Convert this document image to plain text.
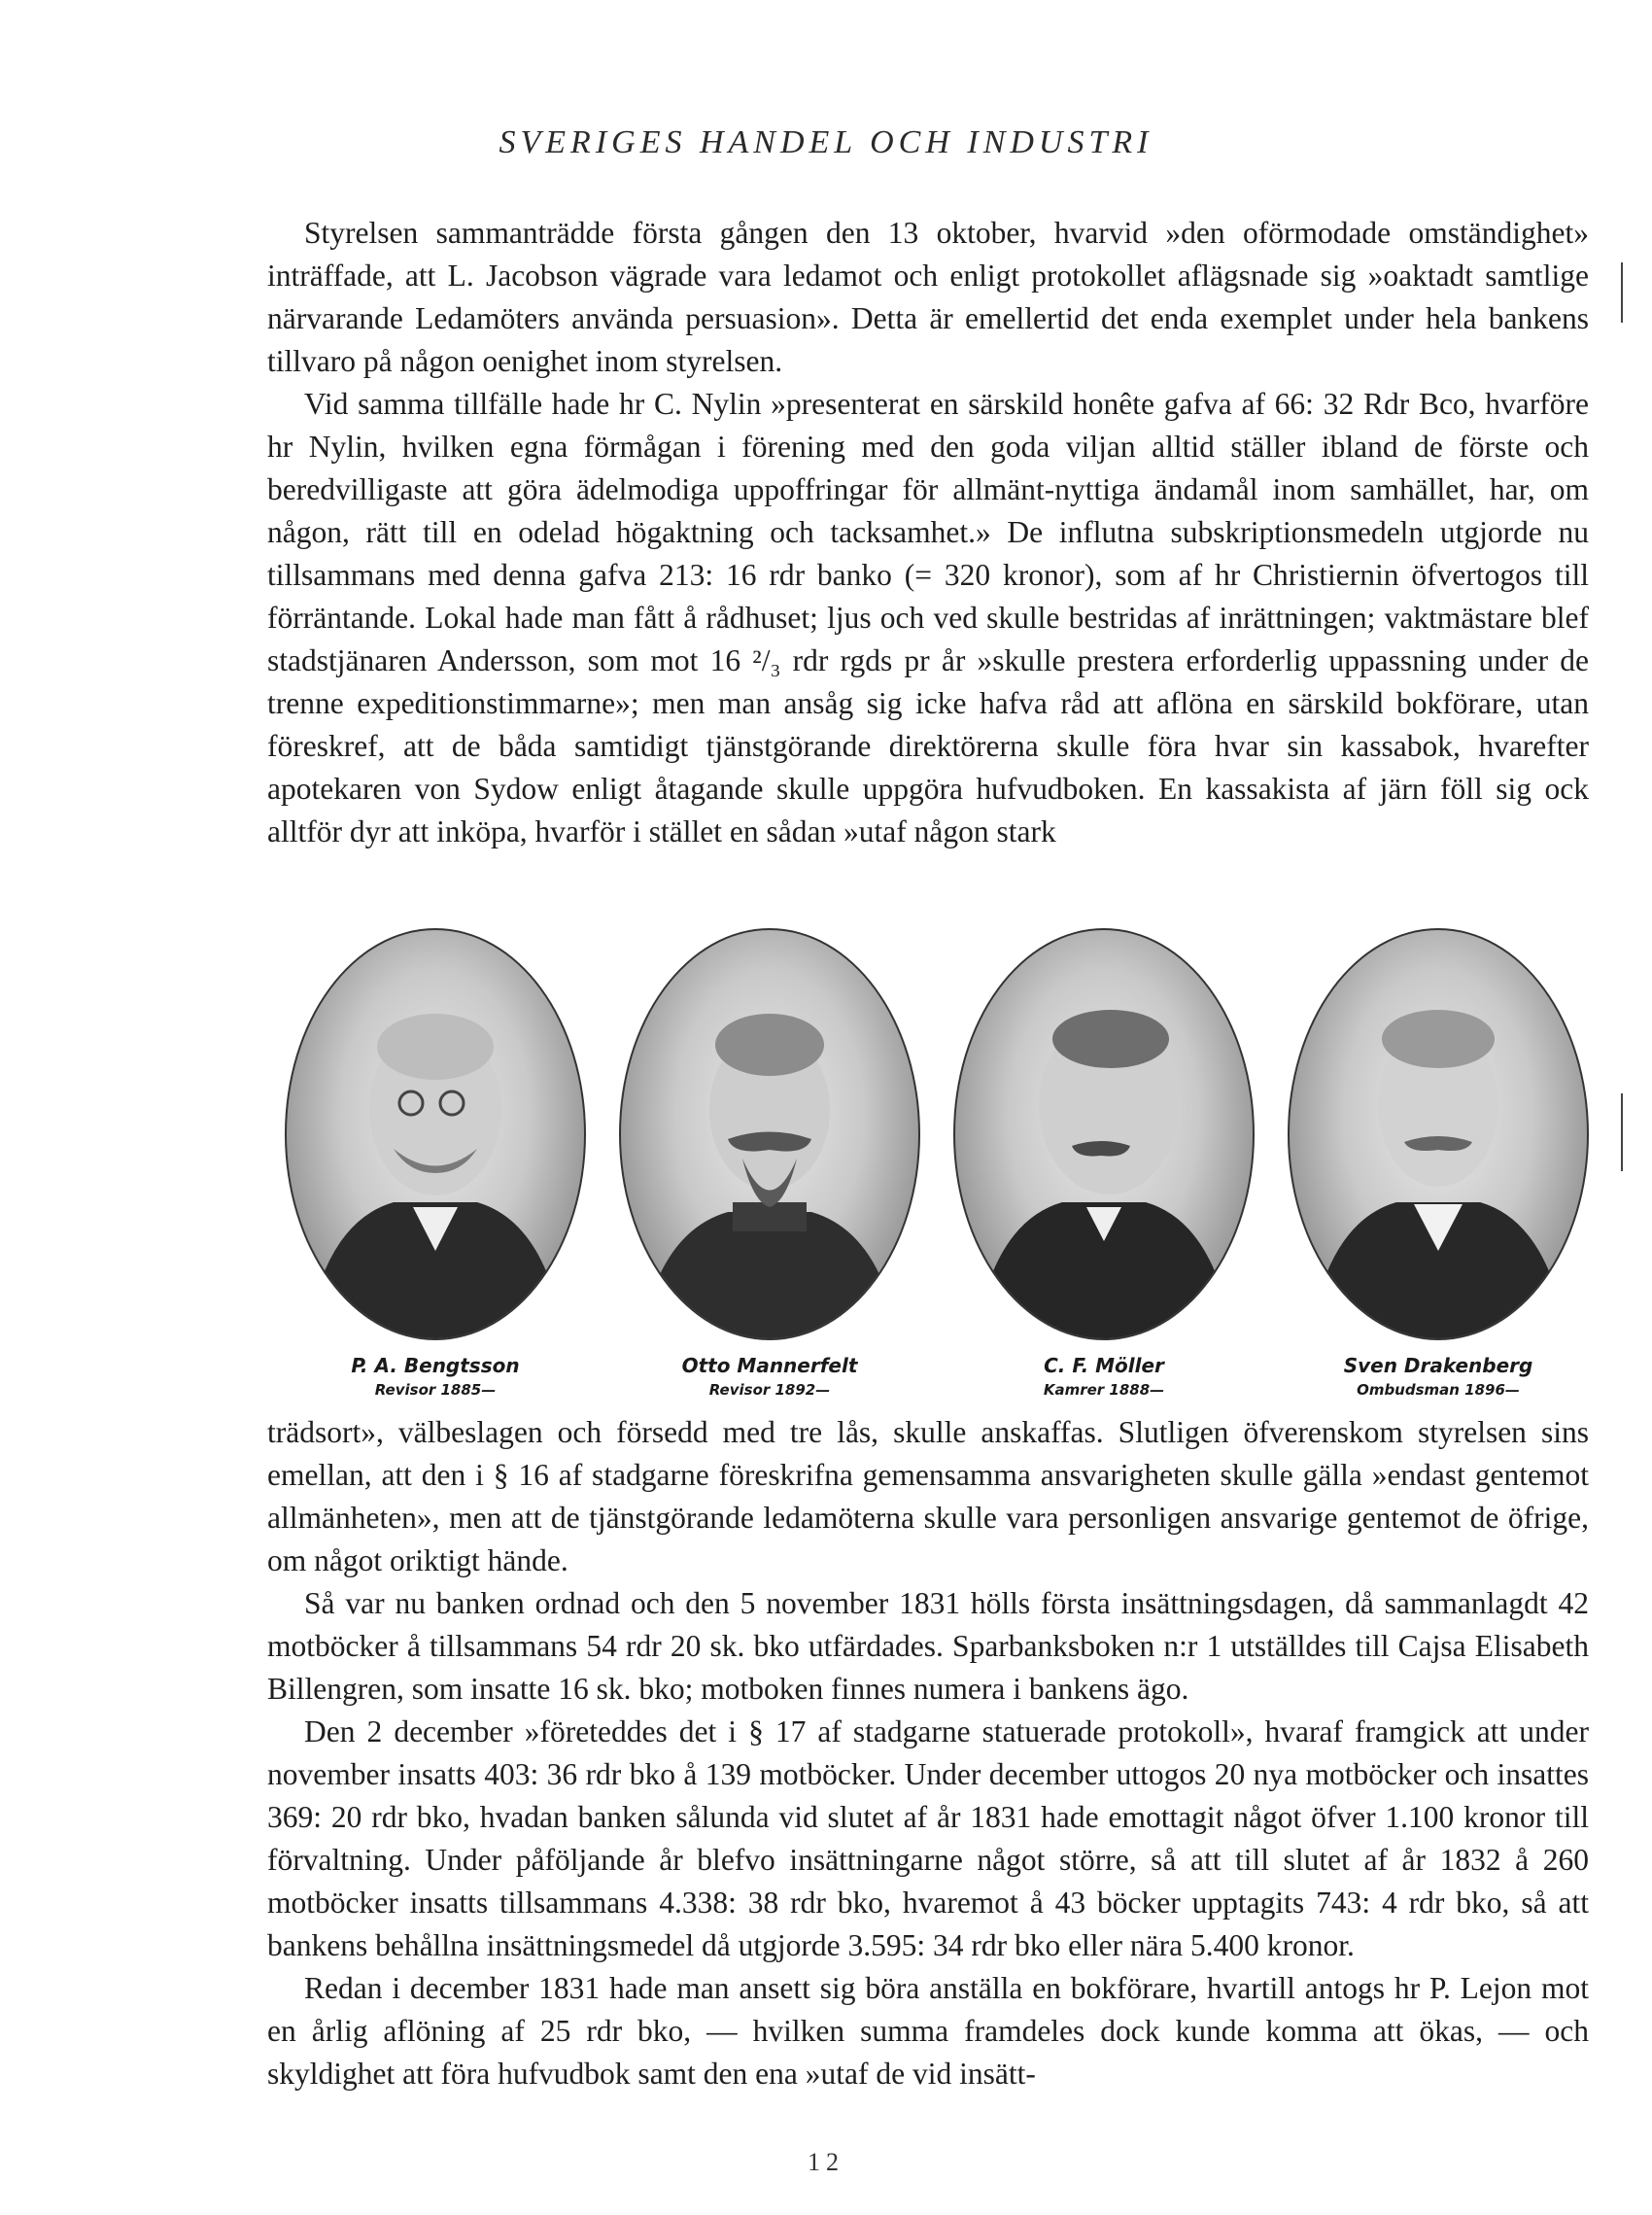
SVERIGES HANDEL OCH INDUSTRI

Styrelsen sammanträdde första gången den 13 oktober, hvarvid »den oförmodade omständighet» inträffade, att L. Jacobson vägrade vara ledamot och enligt protokollet aflägsnade sig »oaktadt samtlige närvarande Ledamöters använda persuasion». Detta är emellertid det enda exemplet under hela bankens tillvaro på någon oenighet inom styrelsen.

Vid samma tillfälle hade hr C. Nylin »presenterat en särskild honête gafva af 66: 32 Rdr Bco, hvarföre hr Nylin, hvilken egna förmågan i förening med den goda viljan alltid ställer ibland de förste och beredvilligaste att göra ädelmodiga uppoffringar för allmänt-nyttiga ändamål inom samhället, har, om någon, rätt till en odelad högaktning och tacksamhet.» De influtna subskriptionsmedeln utgjorde nu tillsammans med denna gafva 213: 16 rdr banko (= 320 kronor), som af hr Christiernin öfvertogos till förräntande. Lokal hade man fått å rådhuset; ljus och ved skulle bestridas af inrättningen; vaktmästare blef stadstjänaren Andersson, som mot 16 ²/₃ rdr rgds pr år »skulle prestera erforderlig uppassning under de trenne expeditionstimmarne»; men man ansåg sig icke hafva råd att aflöna en särskild bokförare, utan föreskref, att de båda samtidigt tjänstgörande direktörerna skulle föra hvar sin kassabok, hvarefter apotekaren von Sydow enligt åtagande skulle uppgöra hufvudboken. En kassakista af järn föll sig ock alltför dyr att inköpa, hvarför i stället en sådan »utaf någon stark

P. A. Bengtsson
Revisor 1885—
Otto Mannerfelt
Revisor 1892—
C. F. Möller
Kamrer 1888—
Sven Drakenberg
Ombudsman 1896—

trädsort», välbeslagen och försedd med tre lås, skulle anskaffas. Slutligen öfverenskom styrelsen sins emellan, att den i § 16 af stadgarne föreskrifna gemensamma ansvarigheten skulle gälla »endast gentemot allmänheten», men att de tjänstgörande ledamöterna skulle vara personligen ansvarige gentemot de öfrige, om något oriktigt hände.

Så var nu banken ordnad och den 5 november 1831 hölls första insättningsdagen, då sammanlagdt 42 motböcker å tillsammans 54 rdr 20 sk. bko utfärdades. Sparbanksboken n:r 1 utställdes till Cajsa Elisabeth Billengren, som insatte 16 sk. bko; motboken finnes numera i bankens ägo.

Den 2 december »företeddes det i § 17 af stadgarne statuerade protokoll», hvaraf framgick att under november insatts 403: 36 rdr bko å 139 motböcker. Under december uttogos 20 nya motböcker och insattes 369: 20 rdr bko, hvadan banken sålunda vid slutet af år 1831 hade emottagit något öfver 1.100 kronor till förvaltning. Under påföljande år blefvo insättningarne något större, så att till slutet af år 1832 å 260 motböcker insatts tillsammans 4.338: 38 rdr bko, hvaremot å 43 böcker upptagits 743: 4 rdr bko, så att bankens behållna insättningsmedel då utgjorde 3.595: 34 rdr bko eller nära 5.400 kronor.

Redan i december 1831 hade man ansett sig böra anställa en bokförare, hvartill antogs hr P. Lejon mot en årlig aflöning af 25 rdr bko, — hvilken summa framdeles dock kunde komma att ökas, — och skyldighet att föra hufvudbok samt den ena »utaf de vid insätt-

12
